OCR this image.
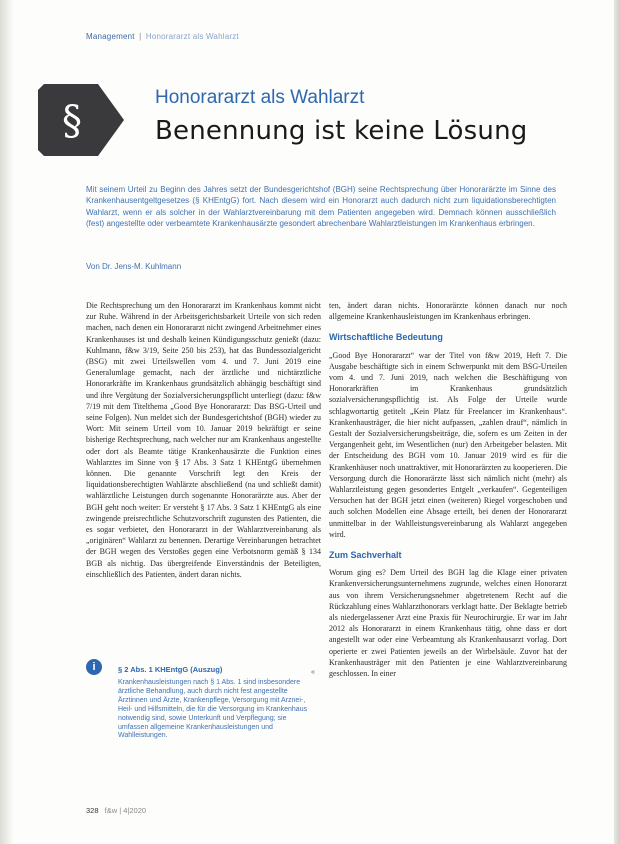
Management | Honorararzt als Wahlarzt
§
Honorararzt als Wahlarzt
Benennung ist keine Lösung
Mit seinem Urteil zu Beginn des Jahres setzt der Bundesgerichtshof (BGH) seine Rechtsprechung über Honorarärzte im Sinne des Krankenhausentgeltgesetzes (§ KHEntgG) fort. Nach diesem wird ein Honorarzt auch dadurch nicht zum liquidationsberechtigten Wahlarzt, wenn er als solcher in der Wahlarztvereinbarung mit dem Patienten angegeben wird. Demnach können ausschließlich (fest) angestellte oder verbeamtete Krankenhausärzte gesondert abrechenbare Wahlarztleistungen im Krankenhaus erbringen.
Von Dr. Jens-M. Kuhlmann

Die Rechtsprechung um den Honorararzt im Krankenhaus kommt nicht zur Ruhe. Während in der Arbeitsgerichtsbarkeit Urteile von sich reden machen, nach denen ein Honorararzt nicht zwingend Arbeitnehmer eines Krankenhauses ist und deshalb keinen Kündigungsschutz genießt (dazu: Kuhlmann, f&w 3/19, Seite 250 bis 253), hat das Bundessozialgericht (BSG) mit zwei Urteilswellen vom 4. und 7. Juni 2019 eine Generalumlage gemacht, nach der ärztliche und nichtärztliche Honorarkräfte im Krankenhaus grundsätzlich abhängig beschäftigt sind und ihre Vergütung der Sozialversicherungspflicht unterliegt (dazu: f&w 7/19 mit dem Titelthema „Good Bye Honorararzt: Das BSG-Urteil und seine Folgen). Nun meldet sich der Bundesgerichtshof (BGH) wieder zu Wort: Mit seinem Urteil vom 10. Januar 2019 bekräftigt er seine bisherige Rechtsprechung, nach welcher nur am Krankenhaus angestellte oder dort als Beamte tätige Krankenhausärzte die Funktion eines Wahlarztes im Sinne von § 17 Abs. 3 Satz 1 KHEntgG übernehmen können. Die genannte Vorschrift legt den Kreis der liquidationsberechtigten Wahlärzte abschließend (na und schließt damit) wahlärztliche Leistungen durch sogenannte Honorarärzte aus. Aber der BGH geht noch weiter: Er versteht § 17 Abs. 3 Satz 1 KHEntgG als eine zwingende preisrechtliche Schutzvorschrift zugunsten des Patienten, die es sogar verbietet, den Honorararzt in der Wahlarztvereinbarung als „originären“ Wahlarzt zu benennen. Derartige Vereinbarungen betrachtet der BGH wegen des Verstoßes gegen eine Verbotsnorm gemäß § 134 BGB als nichtig. Das übergreifende Einverständnis der Beteiligten, einschließlich des Patienten, ändert daran nichts.

ten, ändert daran nichts. Honorarärzte können danach nur noch allgemeine Krankenhausleistungen im Krankenhaus erbringen.

Wirtschaftliche Bedeutung

„Good Bye Honorararzt“ war der Titel von f&w 2019, Heft 7. Die Ausgabe beschäftigte sich in einem Schwerpunkt mit dem BSG-Urteilen vom 4. und 7. Juni 2019, nach welchen die Beschäftigung von Honorarkräften im Krankenhaus grundsätzlich sozialversicherungspflichtig ist. Als Folge der Urteile wurde schlagwortartig getitelt „Kein Platz für Freelancer im Krankenhaus“. Krankenhausträger, die hier nicht aufpassen, „zahlen drauf“, nämlich in Gestalt der Sozialversicherungsbeiträge, die, sofern es um Zeiten in der Vergangenheit geht, im Wesentlichen (nur) den Arbeitgeber belasten. Mit der Entscheidung des BGH vom 10. Januar 2019 wird es für die Krankenhäuser noch unattraktiver, mit Honorarärzten zu kooperieren. Die Versorgung durch die Honorarärzte lässt sich nämlich nicht (mehr) als Wahlarztleistung gegen gesondertes Entgelt „verkaufen“. Gegenteiligen Versuchen hat der BGH jetzt einen (weiteren) Riegel vorgeschoben und auch solchen Modellen eine Absage erteilt, bei denen der Honorararzt unmittelbar in der Wahlleistungsvereinbarung als Wahlarzt angegeben wird.

Zum Sachverhalt

Worum ging es? Dem Urteil des BGH lag die Klage einer privaten Krankenversicherungsunternehmens zugrunde, welches einen Honorarzt aus von ihrem Versicherungsnehmer abgetretenem Recht auf die Rückzahlung eines Wahlarzthonorars verklagt hatte. Der Beklagte betrieb als niedergelassener Arzt eine Praxis für Neurochirurgie. Er war im Jahr 2012 als Honorararzt in einem Krankenhaus tätig, ohne dass er dort angestellt war oder eine Verbeamtung als Krankenhausarzt vorlag. Dort operierte er zwei Patienten jeweils an der Wirbelsäule. Zuvor hat der Krankenhausträger mit den Patienten je eine Wahlarztvereinbarung geschlossen. In einer

i	§ 2 Abs. 1 KHEntgG (Auszug)	«
Krankenhausleistungen nach § 1 Abs. 1 sind insbesondere ärztliche Behandlung, auch durch nicht fest angestellte Ärztinnen und Ärzte, Krankenpflege, Versorgung mit Arznei-, Heil- und Hilfsmitteln, die für die Versorgung im Krankenhaus notwendig sind, sowie Unterkunft und Verpflegung; sie umfassen allgemeine Krankenhausleistungen und Wahlleistungen.
328 f&w | 4|2020
